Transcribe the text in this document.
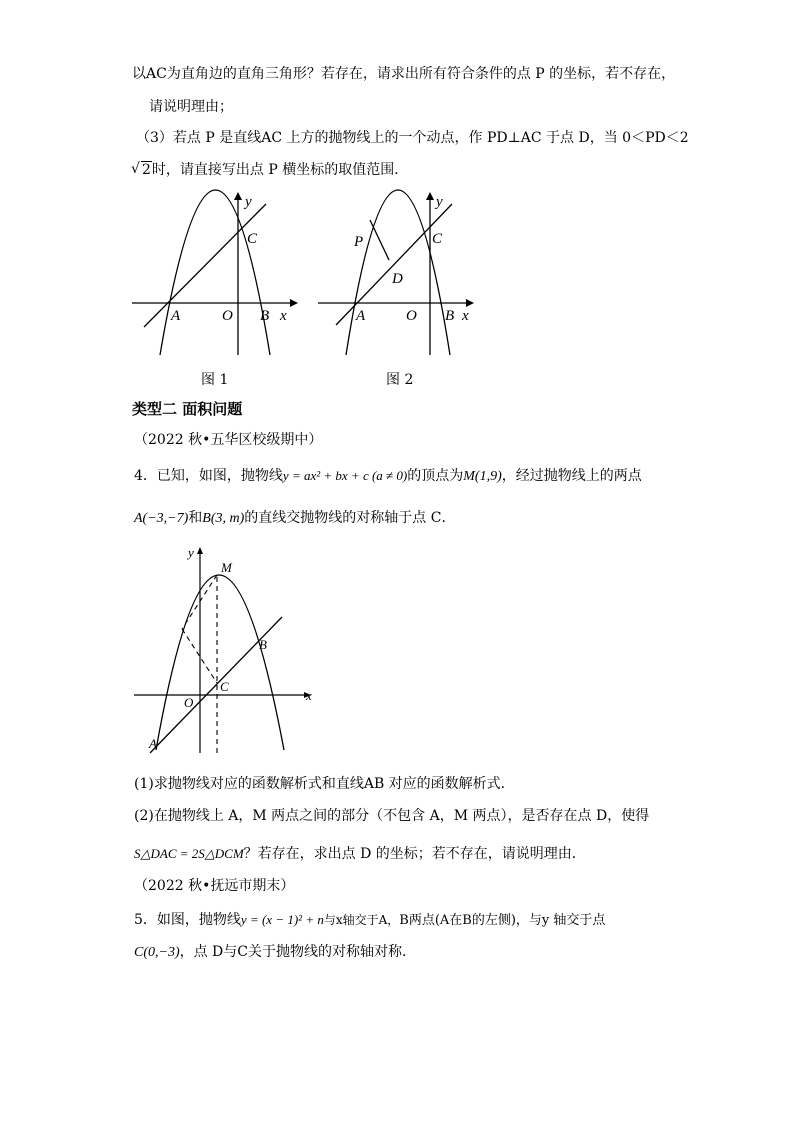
以AC为直角边的直角三角形？若存在，请求出所有符合条件的点 P 的坐标，若不存在，
请说明理由；
（3）若点 P 是直线AC 上方的抛物线上的一个动点，作 PD⊥AC 于点 D，当 0＜PD＜2
√ 2时，请直接写出点 P 横坐标的取值范围．
y
C
A	O B x
图 1
y
P	C
D
A	O B x
图 2
类型二 面积问题
（2022 秋•五华区校级期中）
4．已知，如图，抛物线y = ax² + bx + c (a ≠ 0)的顶点为M(1,9)，经过抛物线上的两点
A(−3,−7)和B(3, m)的直线交抛物线的对称轴于点 C．
y
M
B
C
O
A
x
(1)求抛物线对应的函数解析式和直线AB 对应的函数解析式．
(2)在抛物线上 A，M 两点之间的部分（不包含 A，M 两点），是否存在点 D，使得
S△DAC = 2S△DCM？若存在，求出点 D 的坐标；若不存在，请说明理由．
（2022 秋•抚远市期末）
5．如图，抛物线y = (x − 1)² + n与x轴交于A，B两点(A在B的左侧)，与y 轴交于点
C(0,−3)，点 D与C关于抛物线的对称轴对称．
